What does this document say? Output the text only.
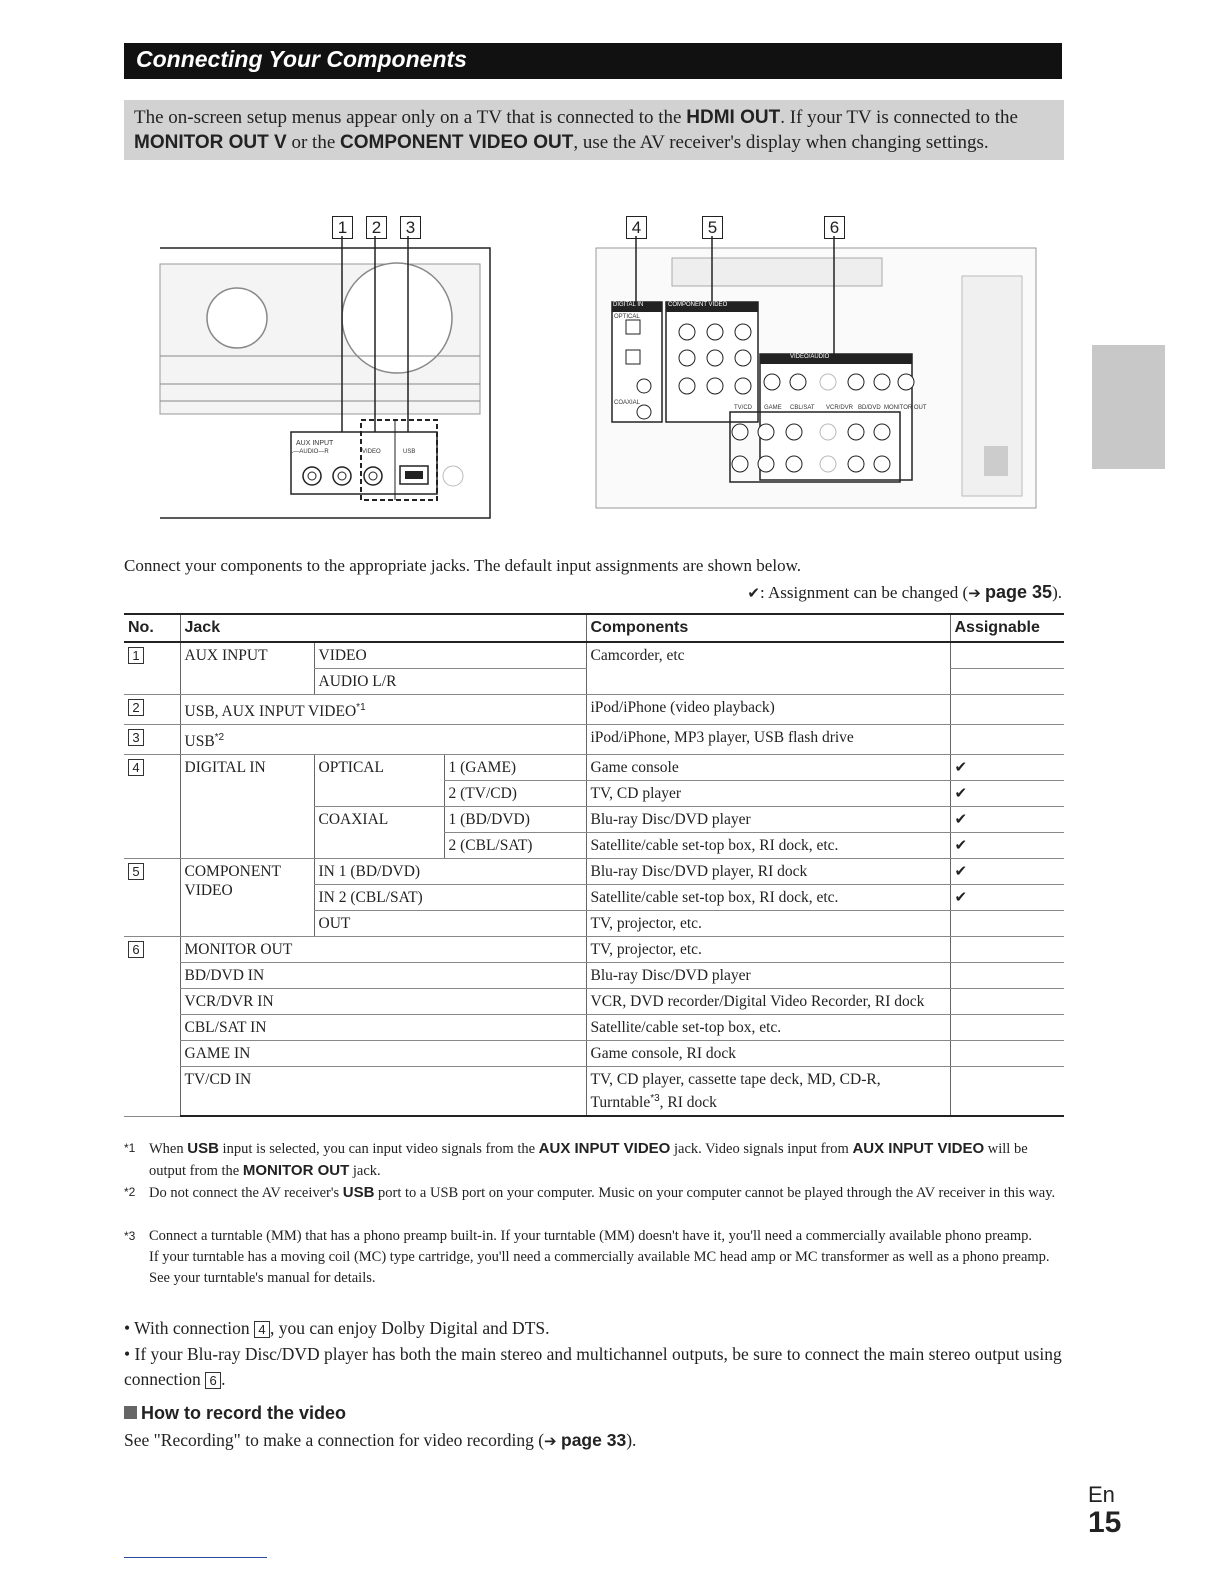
Connecting Your Components
The on-screen setup menus appear only on a TV that is connected to the HDMI OUT. If your TV is connected to the MONITOR OUT V or the COMPONENT VIDEO OUT, use the AV receiver's display when changing settings.
1	2	3	4	5	6
AUX INPUT
L—AUDIO—R	VIDEO	USB
DIGITAL IN
OPTICAL
COAXIAL
COMPONENT VIDEO
VIDEO/AUDIO
TV/CD GAME CBL/SAT VCR/DVR BD/DVD MONITOR OUT
Connect your components to the appropriate jacks. The default input assignments are shown below.
✔: Assignment can be changed (➔ page 35).
No.	Jack			Components	Assignable
1	AUX INPUT	VIDEO		Camcorder, etc	
		AUDIO L/R			
2	USB, AUX INPUT VIDEO$^{*1}$			iPod/iPhone (video playback)	
3	USB$^{*2}$			iPod/iPhone, MP3 player, USB flash drive	
4	DIGITAL IN	OPTICAL	1 (GAME)	Game console	✔
			2 (TV/CD)	TV, CD player	✔
		COAXIAL	1 (BD/DVD)	Blu-ray Disc/DVD player	✔
			2 (CBL/SAT)	Satellite/cable set-top box, RI dock, etc.	✔
5	COMPONENT VIDEO	IN 1 (BD/DVD)		Blu-ray Disc/DVD player, RI dock	✔
		IN 2 (CBL/SAT)		Satellite/cable set-top box, RI dock, etc.	✔
		OUT		TV, projector, etc.	
6	MONITOR OUT			TV, projector, etc.	
	BD/DVD IN			Blu-ray Disc/DVD player	
	VCR/DVR IN			VCR, DVD recorder/Digital Video Recorder, RI dock	
	CBL/SAT IN			Satellite/cable set-top box, etc.	
	GAME IN			Game console, RI dock	
	TV/CD IN			TV, CD player, cassette tape deck, MD, CD-R, Turntable$^{*3}$, RI dock	
*1 When USB input is selected, you can input video signals from the AUX INPUT VIDEO jack. Video signals input from AUX INPUT VIDEO will be output from the MONITOR OUT jack.
*2 Do not connect the AV receiver's USB port to a USB port on your computer. Music on your computer cannot be played through the AV receiver in this way.
*3 Connect a turntable (MM) that has a phono preamp built-in. If your turntable (MM) doesn't have it, you'll need a commercially available phono preamp.
If your turntable has a moving coil (MC) type cartridge, you'll need a commercially available MC head amp or MC transformer as well as a phono preamp. See your turntable's manual for details.
• With connection 4 , you can enjoy Dolby Digital and DTS.
• If your Blu-ray Disc/DVD player has both the main stereo and multichannel outputs, be sure to connect the main stereo output using connection 6 .
How to record the video
See "Recording" to make a connection for video recording (➔ page 33).
En
15
